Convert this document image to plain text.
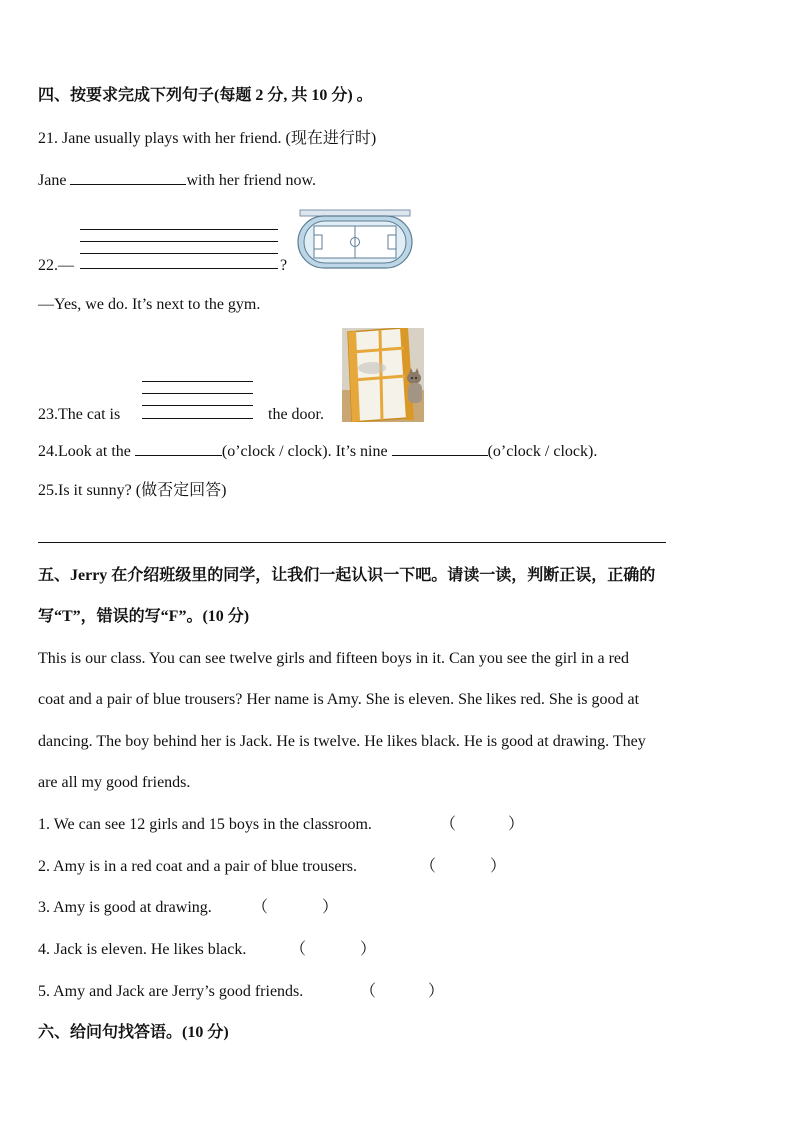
四、按要求完成下列句子(每题 2 分, 共 10 分) 。
21. Jane usually plays with her friend. (现在进行时)
Jane	with her friend now.
22.—	?
—Yes, we do. It’s next to the gym.
23.The cat is	the door.
24.Look at the	(o’clock / clock). It’s nine	(o’clock / clock).
25.Is it sunny? (做否定回答)
五、Jerry 在介绍班级里的同学，让我们一起认识一下吧。请读一读，判断正误，正确的
写“T”，错误的写“F”。(10 分)
This is our class. You can see twelve girls and fifteen boys in it. Can you see the girl in a red
coat and a pair of blue trousers? Her name is Amy. She is eleven. She likes red. She is good at
dancing. The boy behind her is Jack. He is twelve. He likes black. He is good at drawing. They
are all my good friends.
1. We can see 12 girls and 15 boys in the classroom.	（	）
2. Amy is in a red coat and a pair of blue trousers.	（	）
3. Amy is good at drawing.	（	）
4. Jack is eleven. He likes black.	（	）
5. Amy and Jack are Jerry’s good friends.	（	）
六、给问句找答语。(10 分)
